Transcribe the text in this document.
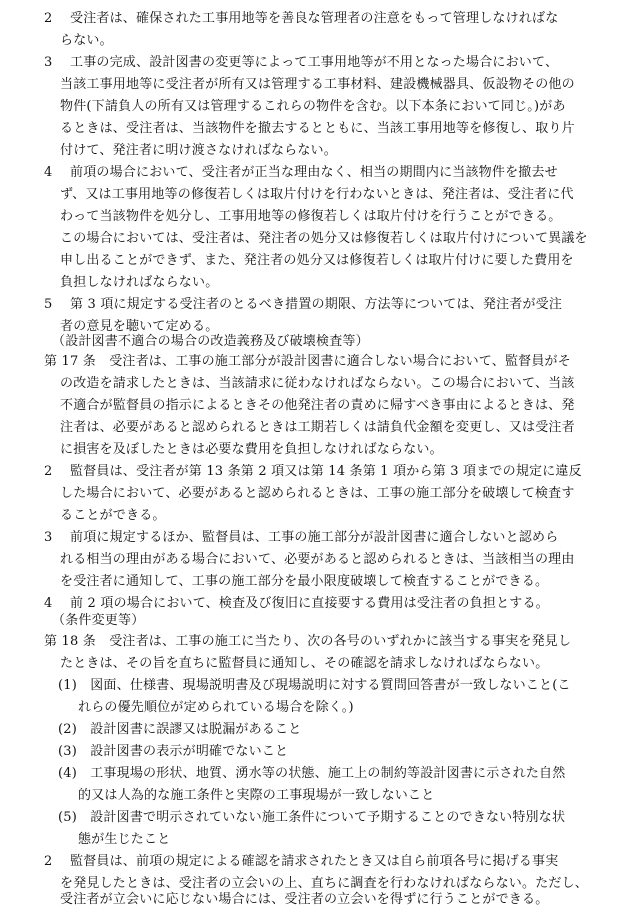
2　 受注者は、確保された工事用地等を善良な管理者の注意をもって管理しなければな
らない。
3　 工事の完成、設計図書の変更等によって工事用地等が不用となった場合において、
当該工事用地等に受注者が所有又は管理する工事材料、建設機械器具、仮設物その他の
物件(下請負人の所有又は管理するこれらの物件を含む。以下本条において同じ。)があ
るときは、受注者は、当該物件を撤去するとともに、当該工事用地等を修復し、取り片
付けて、発注者に明け渡さなければならない。
4　 前項の場合において、受注者が正当な理由なく、相当の期間内に当該物件を撤去せ
ず、又は工事用地等の修復若しくは取片付けを行わないときは、発注者は、受注者に代
わって当該物件を処分し、工事用地等の修復若しくは取片付けを行うことができる。
この場合においては、受注者は、発注者の処分又は修復若しくは取片付けについて異議を
申し出ることができず、また、発注者の処分又は修復若しくは取片付けに要した費用を
負担しなければならない。
5　 第 3 項に規定する受注者のとるべき措置の期限、方法等については、発注者が受注
者の意見を聴いて定める。
（設計図書不適合の場合の改造義務及び破壊検査等）
第 17 条　受注者は、工事の施工部分が設計図書に適合しない場合において、監督員がそ
の改造を請求したときは、当該請求に従わなければならない。この場合において、当該
不適合が監督員の指示によるときその他発注者の責めに帰すべき事由によるときは、発
注者は、必要があると認められるときは工期若しくは請負代金額を変更し、又は受注者
に損害を及ぼしたときは必要な費用を負担しなければならない。
2　 監督員は、受注者が第 13 条第 2 項又は第 14 条第 1 項から第 3 項までの規定に違反
した場合において、必要があると認められるときは、工事の施工部分を破壊して検査す
ることができる。
3　 前項に規定するほか、監督員は、工事の施工部分が設計図書に適合しないと認めら
れる相当の理由がある場合において、必要があると認められるときは、当該相当の理由
を受注者に通知して、工事の施工部分を最小限度破壊して検査することができる。
4　 前 2 項の場合において、検査及び復旧に直接要する費用は受注者の負担とする。
（条件変更等）
第 18 条　受注者は、工事の施工に当たり、次の各号のいずれかに該当する事実を発見し
たときは、その旨を直ちに監督員に通知し、その確認を請求しなければならない。
(1)　図面、仕様書、現場説明書及び現場説明に対する質問回答書が一致しないこと(こ
れらの優先順位が定められている場合を除く。)
(2)　設計図書に誤謬又は脱漏があること
(3)　設計図書の表示が明確でないこと
(4)　工事現場の形状、地質、湧水等の状態、施工上の制約等設計図書に示された自然
的又は人為的な施工条件と実際の工事現場が一致しないこと
(5)　設計図書で明示されていない施工条件について予期することのできない特別な状
態が生じたこと
2　 監督員は、前項の規定による確認を請求されたとき又は自ら前項各号に掲げる事実
を発見したときは、受注者の立会いの上、直ちに調査を行わなければならない。ただし、
受注者が立会いに応じない場合には、受注者の立会いを得ずに行うことができる。
